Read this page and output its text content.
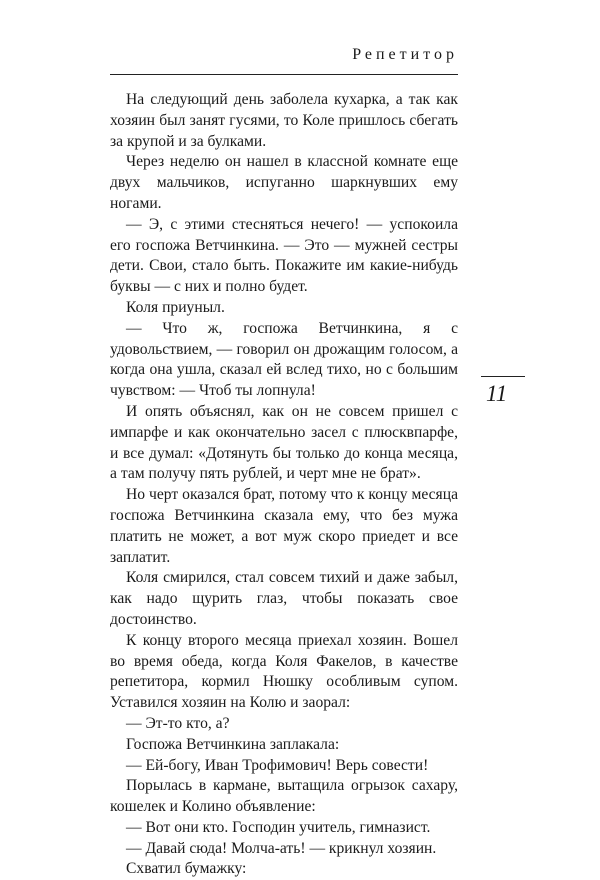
Репетитор

На следующий день заболела кухарка, а так как хозяин был занят гусями, то Коле пришлось сбегать за крупой и за булками.

Через неделю он нашел в классной комнате еще двух мальчиков, испуганно шаркнувших ему ногами.

— Э, с этими стесняться нечего! — успокоила его госпожа Ветчинкина. — Это — мужней сестры дети. Свои, стало быть. Покажите им какие-нибудь буквы — с них и полно будет.

Коля приуныл.

— Что ж, госпожа Ветчинкина, я с удовольствием, — говорил он дрожащим голосом, а когда она ушла, сказал ей вслед тихо, но с большим чувством: — Чтоб ты лопнула!

И опять объяснял, как он не совсем пришел с импарфе и как окончательно засел с плюсквпарфе, и все думал: «Дотянуть бы только до конца месяца, а там получу пять рублей, и черт мне не брат».

Но черт оказался брат, потому что к концу месяца госпожа Ветчинкина сказала ему, что без мужа платить не может, а вот муж скоро приедет и все заплатит.

Коля смирился, стал совсем тихий и даже забыл, как надо щурить глаз, чтобы показать свое достоинство.

К концу второго месяца приехал хозяин. Вошел во время обеда, когда Коля Факелов, в качестве репетитора, кормил Нюшку особливым супом. Уставился хозяин на Колю и заорал:

— Эт-то кто, а?

Госпожа Ветчинкина заплакала:

— Ей-богу, Иван Трофимович! Верь совести!

Порылась в кармане, вытащила огрызок сахару, кошелек и Колино объявление:

— Вот они кто. Господин учитель, гимназист.

— Давай сюда! Молча-ать! — крикнул хозяин.

Схватил бумажку:

11
